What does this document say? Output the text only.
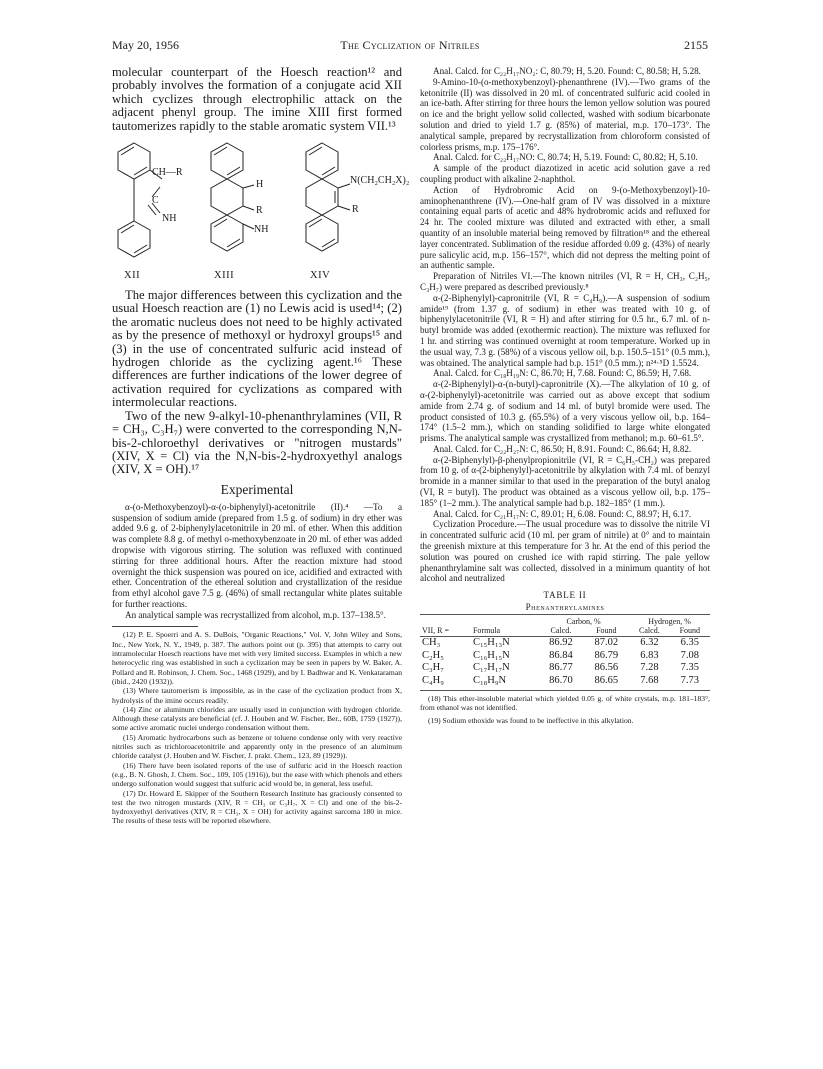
May 20, 1956	The Cyclization of Nitriles	2155

molecular counterpart of the Hoesch reaction¹² and probably involves the formation of a conjugate acid XII which cyclizes through electrophilic attack on the adjacent phenyl group. The imine XIII first formed tautomerizes rapidly to the stable aromatic system VII.¹³

CH—R
C
NH
H
R
NH
N(CH₂CH₂X)₂
R
XII	XIII	XIV

The major differences between this cyclization and the usual Hoesch reaction are (1) no Lewis acid is used¹⁴; (2) the aromatic nucleus does not need to be highly activated as by the presence of methoxyl or hydroxyl groups¹⁵ and (3) in the use of concentrated sulfuric acid instead of hydrogen chloride as the cyclizing agent.¹⁶ These differences are further indications of the lower degree of activation required for cyclizations as compared with intermolecular reactions.

Two of the new 9-alkyl-10-phenanthrylamines (VII, R = CH₃, C₃H₇) were converted to the corresponding N,N-bis-2-chloroethyl derivatives or "nitrogen mustards" (XIV, X = Cl) via the N,N-bis-2-hydroxyethyl analogs (XIV, X = OH).¹⁷

Experimental

α-(o-Methoxybenzoyl)-α-(o-biphenylyl)-acetonitrile (II).⁴ —To a suspension of sodium amide (prepared from 1.5 g. of sodium) in dry ether was added 9.6 g. of 2-biphenylylacetonitrile in 20 ml. of ether. When this addition was complete 8.8 g. of methyl o-methoxybenzoate in 20 ml. of ether was added dropwise with vigorous stirring. The solution was refluxed with continued stirring for three additional hours. After the reaction mixture had stood overnight the thick suspension was poured on ice, acidified and extracted with ether. Concentration of the ethereal solution and crystallization of the residue from ethyl alcohol gave 7.5 g. (46%) of small rectangular white plates suitable for further reactions.

An analytical sample was recrystallized from alcohol, m.p. 137–138.5°.

(12) P. E. Spoerri and A. S. DuBois, "Organic Reactions," Vol. V, John Wiley and Sons, Inc., New York, N. Y., 1949, p. 387. The authors point out (p. 395) that attempts to carry out intramolecular Hoesch reactions have met with very limited success. Examples in which a new heterocyclic ring was established in such a cyclization may be seen in papers by W. Baker, A. Pollard and R. Robinson, J. Chem. Soc., 1468 (1929), and by I. Badhwar and K. Venkataraman (ibid., 2420 (1932)).

(13) Where tautomerism is impossible, as in the case of the cyclization product from X, hydrolysis of the imine occurs readily.

(14) Zinc or aluminum chlorides are usually used in conjunction with hydrogen chloride. Although these catalysts are beneficial (cf. J. Houben and W. Fischer, Ber., 60B, 1759 (1927)), some active aromatic nuclei undergo condensation without them.

(15) Aromatic hydrocarbons such as benzene or toluene condense only with very reactive nitriles such as trichloroacetonitrile and apparently only in the presence of an aluminum chloride catalyst (J. Houben and W. Fischer, J. prakt. Chem., 123, 89 (1929)).

(16) There have been isolated reports of the use of sulfuric acid in the Hoesch reaction (e.g., B. N. Ghosh, J. Chem. Soc., 109, 105 (1916)), but the ease with which phenols and ethers undergo sulfonation would suggest that sulfuric acid would be, in general, less useful.

(17) Dr. Howard E. Skipper of the Southern Research Institute has graciously consented to test the two nitrogen mustards (XIV, R = CH₃ or C₃H₇, X = Cl) and one of the bis-2-hydroxyethyl derivatives (XIV, R = CH₃, X = OH) for activity against sarcoma 180 in mice. The results of these tests will be reported elsewhere.

Anal. Calcd. for C₂₂H₁₇NO₂: C, 80.79; H, 5.20. Found: C, 80.58; H, 5.28.

9-Amino-10-(o-methoxybenzoyl)-phenanthrene (IV).—Two grams of the ketonitrile (II) was dissolved in 20 ml. of concentrated sulfuric acid cooled in an ice-bath. After stirring for three hours the lemon yellow solution was poured on ice and the bright yellow solid collected, washed with sodium bicarbonate solution and dried to yield 1.7 g. (85%) of material, m.p. 170–173°. The analytical sample, prepared by recrystallization from chloroform consisted of colorless prisms, m.p. 175–176°.

Anal. Calcd. for C₂₂H₁₇NO: C, 80.74; H, 5.19. Found: C, 80.82; H, 5.10.

A sample of the product diazotized in acetic acid solution gave a red coupling product with alkaline 2-naphthol.

Action of Hydrobromic Acid on 9-(o-Methoxybenzoyl)-10-aminophenanthrene (IV).—One-half gram of IV was dissolved in a mixture containing equal parts of acetic and 48% hydrobromic acids and refluxed for 24 hr. The cooled mixture was diluted and extracted with ether, a small quantity of an insoluble material being removed by filtration¹⁸ and the ethereal layer concentrated. Sublimation of the residue afforded 0.09 g. (43%) of nearly pure salicylic acid, m.p. 156–157°, which did not depress the melting point of an authentic sample.

Preparation of Nitriles VI.—The known nitriles (VI, R = H, CH₃, C₂H₅, C₃H₇) were prepared as described previously.⁸

α-(2-Biphenylyl)-capronitrile (VI, R = C₄H₉).—A suspension of sodium amide¹⁹ (from 1.37 g. of sodium) in ether was treated with 10 g. of biphenylylacetonitrile (VI, R = H) and after stirring for 0.5 hr., 6.7 ml. of n-butyl bromide was added (exothermic reaction). The mixture was refluxed for 1 hr. and stirring was continued overnight at room temperature. Worked up in the usual way, 7.3 g. (58%) of a viscous yellow oil, b.p. 150.5–151° (0.5 mm.), was obtained. The analytical sample had b.p. 151° (0.5 mm.); n²⁴·⁵D 1.5524.

Anal. Calcd. for C₁₈H₁₉N: C, 86.70; H, 7.68. Found: C, 86.59; H, 7.68.

α-(2-Biphenylyl)-α-(n-butyl)-capronitrile (X).—The alkylation of 10 g. of α-(2-biphenylyl)-acetonitrile was carried out as above except that sodium amide from 2.74 g. of sodium and 14 ml. of butyl bromide were used. The product consisted of 10.3 g. (65.5%) of a very viscous yellow oil, b.p. 164–174° (1.5–2 mm.), which on standing solidified to large white elongated prisms. The analytical sample was crystallized from methanol; m.p. 60–61.5°.

Anal. Calcd. for C₂₂H₂₇N: C, 86.50; H, 8.91. Found: C, 86.64; H, 8.82.

α-(2-Biphenylyl)-β-phenylpropionitrile (VI, R = C₆H₅-CH₂) was prepared from 10 g. of α-(2-biphenylyl)-acetonitrile by alkylation with 7.4 ml. of benzyl bromide in a manner similar to that used in the preparation of the butyl analog (VI, R = butyl). The product was obtained as a viscous yellow oil, b.p. 175–185° (1–2 mm.). The analytical sample had b.p. 182–185° (1 mm.).

Anal. Calcd. for C₂₁H₁₇N: C, 89.01; H, 6.08. Found: C, 88.97; H, 6.17.

Cyclization Procedure.—The usual procedure was to dissolve the nitrile VI in concentrated sulfuric acid (10 ml. per gram of nitrile) at 0° and to maintain the greenish mixture at this temperature for 3 hr. At the end of this period the solution was poured on crushed ice with rapid stirring. The pale yellow phenanthrylamine salt was collected, dissolved in a minimum quantity of hot alcohol and neutralized

TABLE II
Phenanthrylamines
		Carbon, %		Hydrogen, %	
VII, R =	Formula	Calcd.	Found	Calcd.	Found
CH₃	C₁₅H₁₃N	86.92	87.02	6.32	6.35
C₂H₅	C₁₆H₁₅N	86.84	86.79	6.83	7.08
C₃H₇	C₁₇H₁₇N	86.77	86.56	7.28	7.35
C₄H₉	C₁₈H₉N	86.70	86.65	7.68	7.73

(18) This ether-insoluble material which yielded 0.05 g. of white crystals, m.p. 181–183°, from ethanol was not identified.

(19) Sodium ethoxide was found to be ineffective in this alkylation.
